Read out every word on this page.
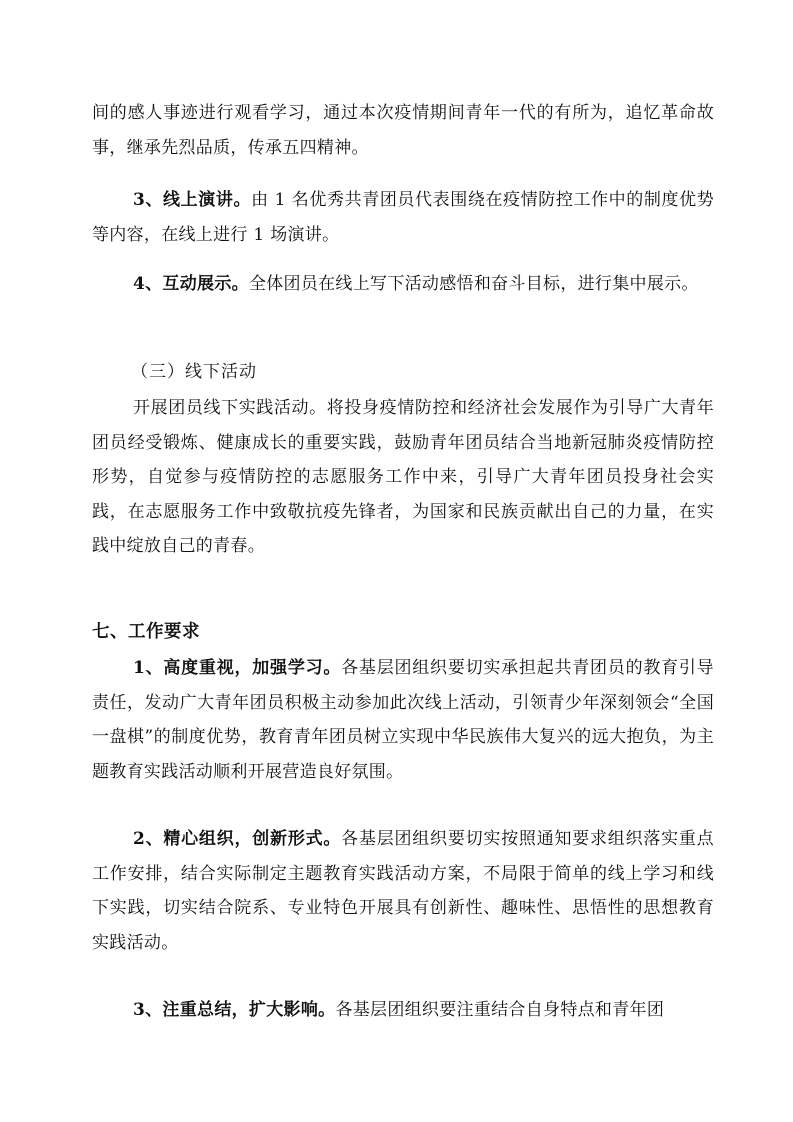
间的感人事迹进行观看学习，通过本次疫情期间青年一代的有所为，追忆革命故事，继承先烈品质，传承五四精神。

3、线上演讲。由 1 名优秀共青团员代表围绕在疫情防控工作中的制度优势等内容，在线上进行 1 场演讲。

4、互动展示。全体团员在线上写下活动感悟和奋斗目标，进行集中展示。

（三）线下活动

开展团员线下实践活动。将投身疫情防控和经济社会发展作为引导广大青年团员经受锻炼、健康成长的重要实践，鼓励青年团员结合当地新冠肺炎疫情防控形势，自觉参与疫情防控的志愿服务工作中来，引导广大青年团员投身社会实践，在志愿服务工作中致敬抗疫先锋者，为国家和民族贡献出自己的力量，在实践中绽放自己的青春。

七、工作要求

1、高度重视，加强学习。各基层团组织要切实承担起共青团员的教育引导责任，发动广大青年团员积极主动参加此次线上活动，引领青少年深刻领会“全国一盘棋”的制度优势，教育青年团员树立实现中华民族伟大复兴的远大抱负，为主题教育实践活动顺利开展营造良好氛围。

2、精心组织，创新形式。各基层团组织要切实按照通知要求组织落实重点工作安排，结合实际制定主题教育实践活动方案，不局限于简单的线上学习和线下实践，切实结合院系、专业特色开展具有创新性、趣味性、思悟性的思想教育实践活动。

3、注重总结，扩大影响。各基层团组织要注重结合自身特点和青年团
